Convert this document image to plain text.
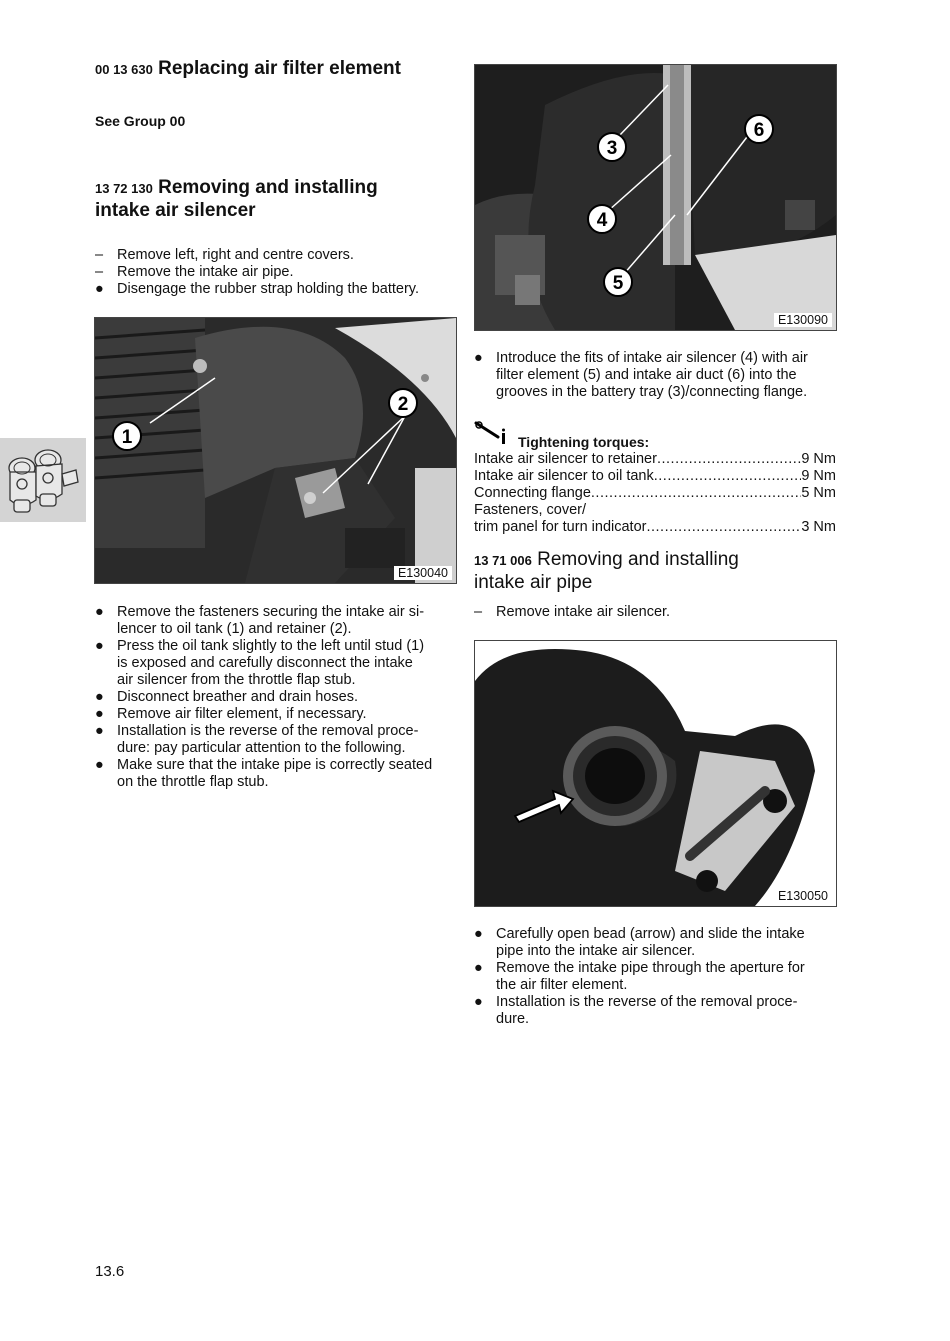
00 13 630 Replacing air filter element
See Group 00
13 72 130 Removing and installing
intake air silencer
– Remove left, right and centre covers.
– Remove the intake air pipe.
● Disengage the rubber strap holding the battery.
1
2
E130040
● Remove the fasteners securing the intake air si-
lencer to oil tank (1) and retainer (2).
● Press the oil tank slightly to the left until stud (1)
is exposed and carefully disconnect the intake
air silencer from the throttle flap stub.
● Disconnect breather and drain hoses.
● Remove air filter element, if necessary.
● Installation is the reverse of the removal proce-
dure: pay particular attention to the following.
● Make sure that the intake pipe is correctly seated
on the throttle flap stub.
3
4
5
6
E130090
● Introduce the fits of intake air silencer (4) with air
filter element (5) and intake air duct (6) into the
grooves in the battery tray (3)/connecting flange.
Tightening torques:
Intake air silencer to retainer .....	9 Nm
Intake air silencer to oil tank .....	9 Nm
Connecting flange .....	5 Nm
Fasteners, cover/
trim panel for turn indicator .....	3 Nm
13 71 006 Removing and installing
intake air pipe
– Remove intake air silencer.
E130050
● Carefully open bead (arrow) and slide the intake
pipe into the intake air silencer.
● Remove the intake pipe through the aperture for
the air filter element.
● Installation is the reverse of the removal proce-
dure.
13.6
